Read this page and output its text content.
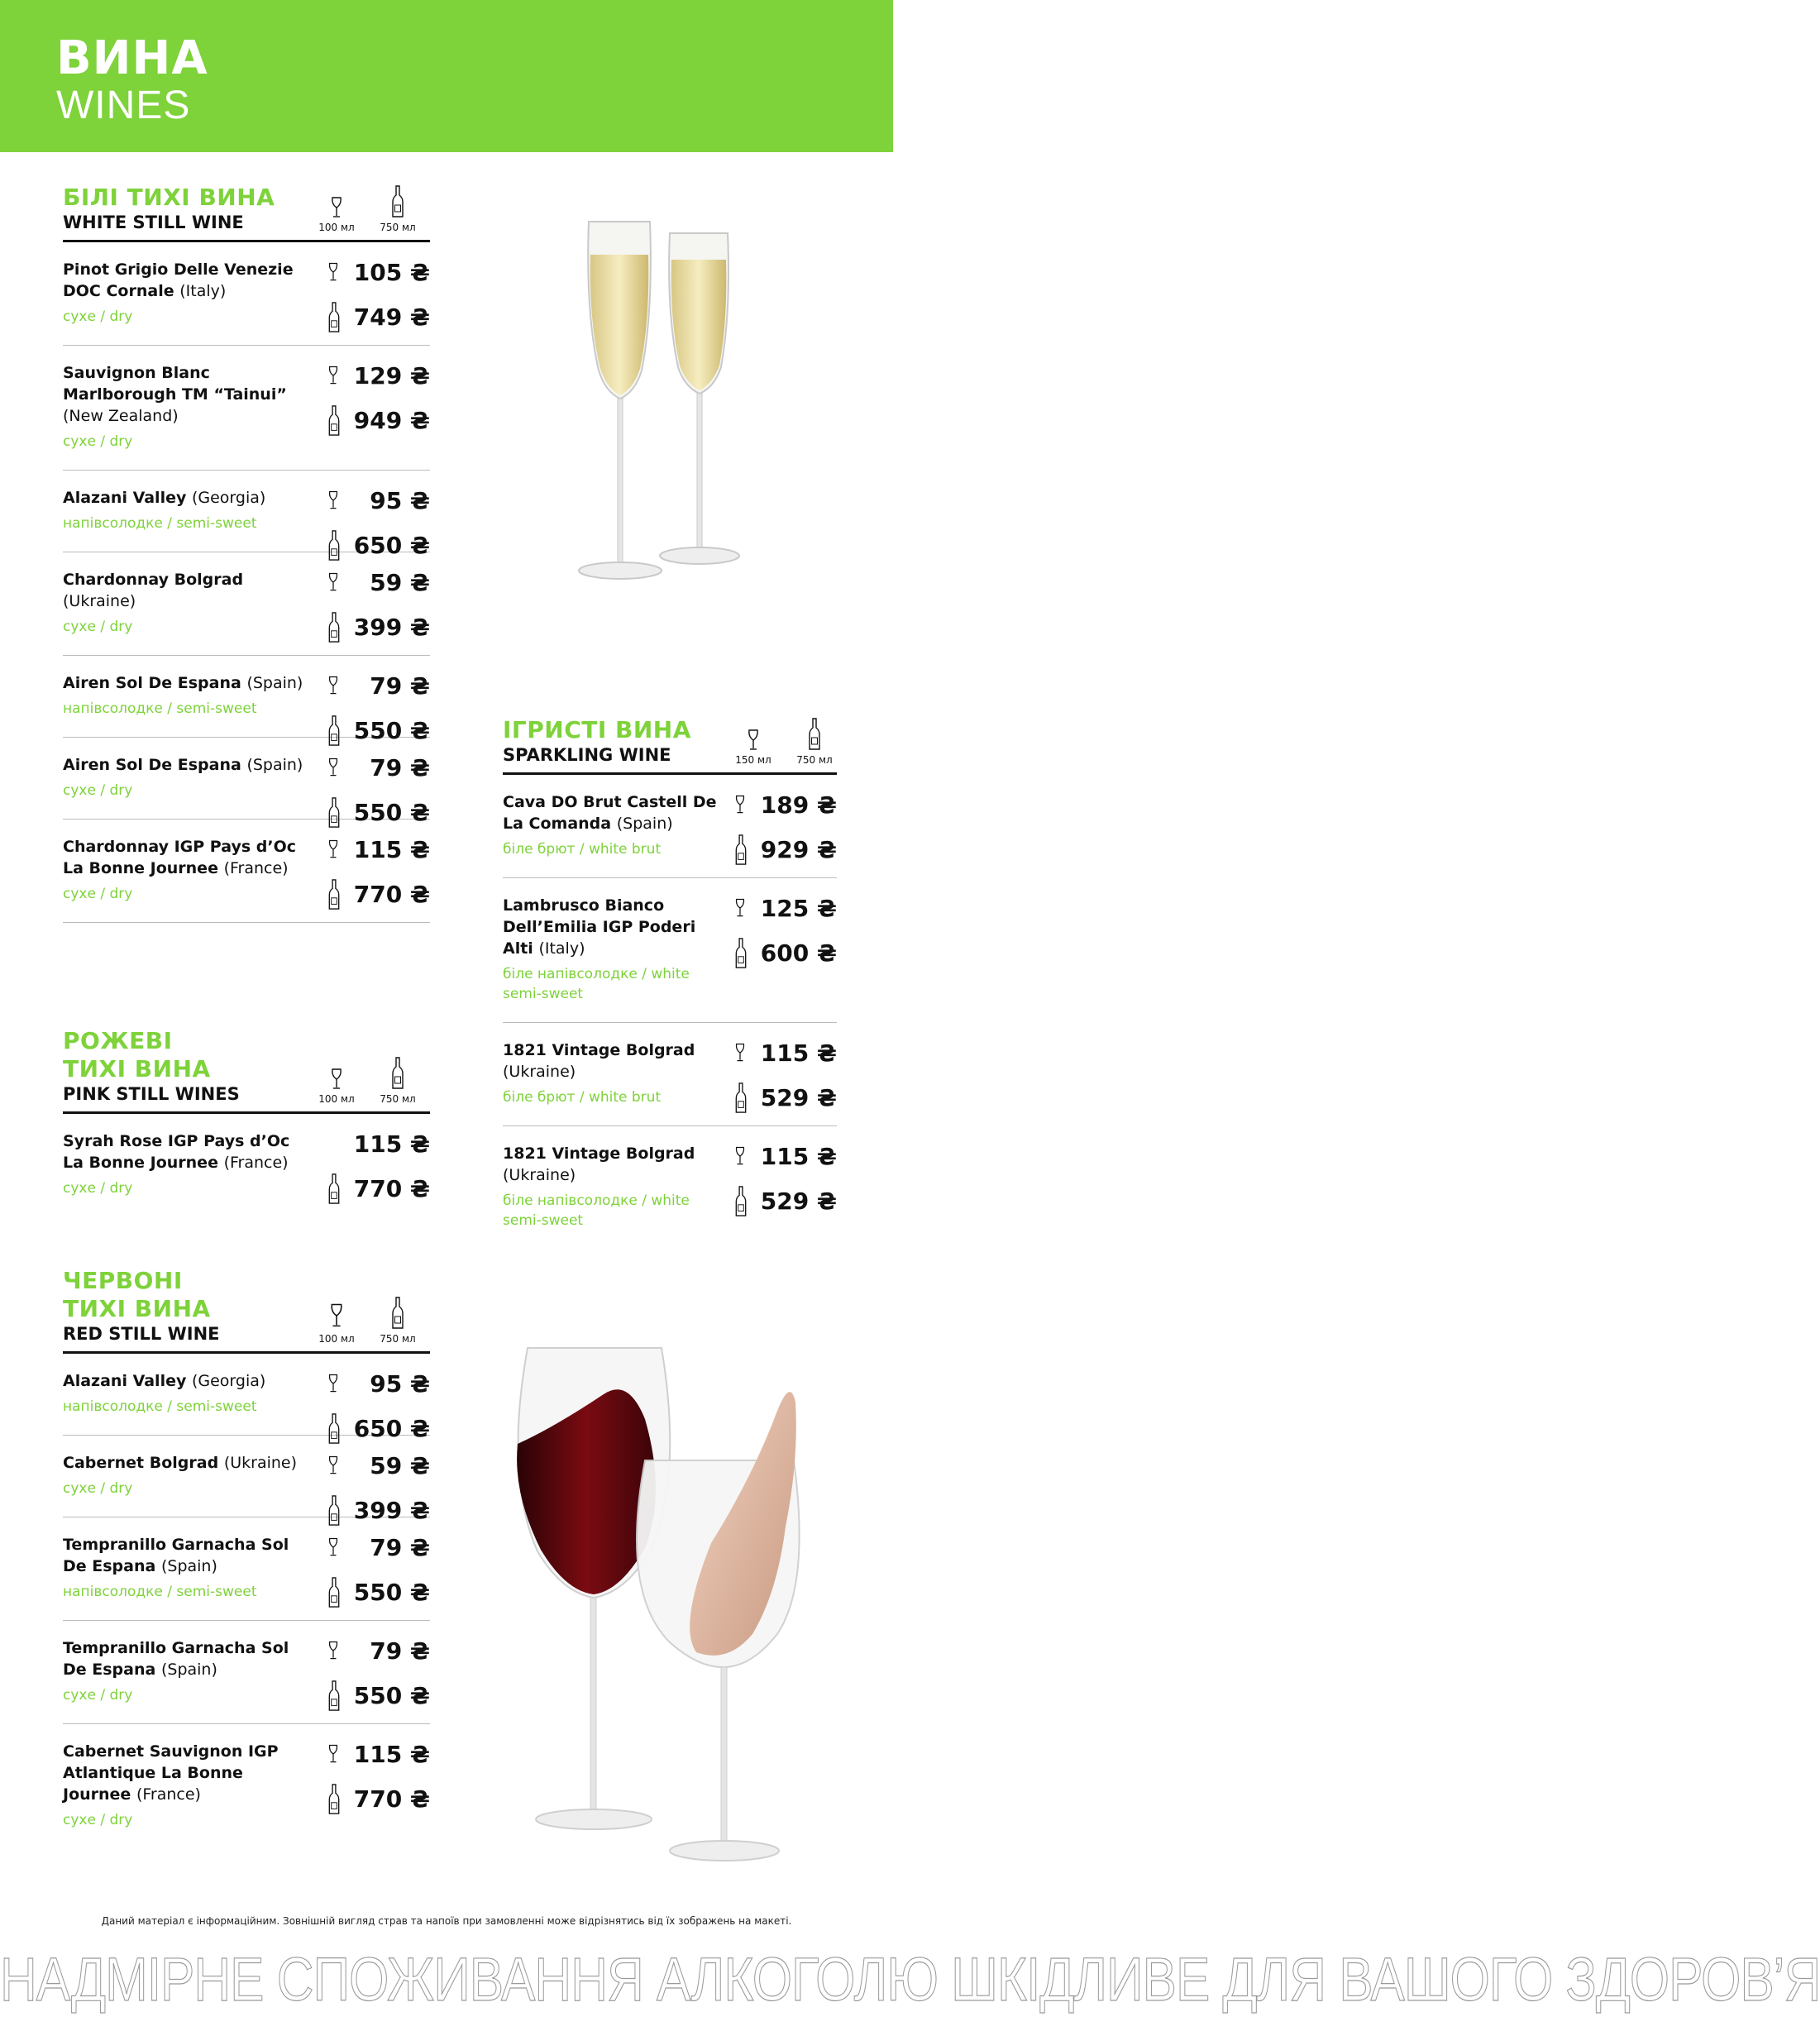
ВИНА
WINES
БІЛІ ТИХІ ВИНА
WHITE STILL WINE	100 мл	750 мл
Pinot Grigio Delle Venezie DOC Cornale (Italy)
сухе / dry
105 ₴
749 ₴
Sauvignon Blanc Marlborough TM “Tainui” (New Zealand)
сухе / dry
129 ₴
949 ₴
Alazani Valley (Georgia)
напівсолодке / semi-sweet
95 ₴
650 ₴
Chardonnay Bolgrad (Ukraine)
сухе / dry
59 ₴
399 ₴
Airen Sol De Espana (Spain)
напівсолодке / semi-sweet
79 ₴
550 ₴
Airen Sol De Espana (Spain)
сухе / dry
79 ₴
550 ₴
Chardonnay IGP Pays d’Oc La Bonne Journee (France)
сухе / dry
115 ₴
770 ₴
РОЖЕВІ
ТИХІ ВИНА
PINK STILL WINES	100 мл	750 мл
Syrah Rose IGP Pays d’Oc La Bonne Journee (France)
сухе / dry
115 ₴
770 ₴
ЧЕРВОНІ
ТИХІ ВИНА
RED STILL WINE	100 мл	750 мл
Alazani Valley (Georgia)
напівсолодке / semi-sweet
95 ₴
650 ₴
Cabernet Bolgrad (Ukraine)
сухе / dry
59 ₴
399 ₴
Tempranillo Garnacha Sol De Espana (Spain)
напівсолодке / semi-sweet
79 ₴
550 ₴
Tempranillo Garnacha Sol De Espana (Spain)
сухе / dry
79 ₴
550 ₴
Cabernet Sauvignon IGP Atlantique La Bonne Journee (France)
сухе / dry
115 ₴
770 ₴
ІГРИСТІ ВИНА
SPARKLING WINE	150 мл	750 мл
Cava DO Brut Castell De La Comanda (Spain)
біле брют / white brut
189 ₴
929 ₴
Lambrusco Bianco Dell’Emilia IGP Poderi Alti (Italy)
біле напівсолодке / white semi-sweet
125 ₴
600 ₴
1821 Vintage Bolgrad (Ukraine)
біле брют / white brut
115 ₴
529 ₴
1821 Vintage Bolgrad (Ukraine)
біле напівсолодке / white semi-sweet
115 ₴
529 ₴
Даний матеріал є інформаційним. Зовнішній вигляд страв та напоїв при замовленні може відрізнятись від їх зображень на макеті.
НАДМІРНЕ СПОЖИВАННЯ АЛКОГОЛЮ ШКІДЛИВЕ ДЛЯ ВАШОГО ЗДОРОВ’Я
